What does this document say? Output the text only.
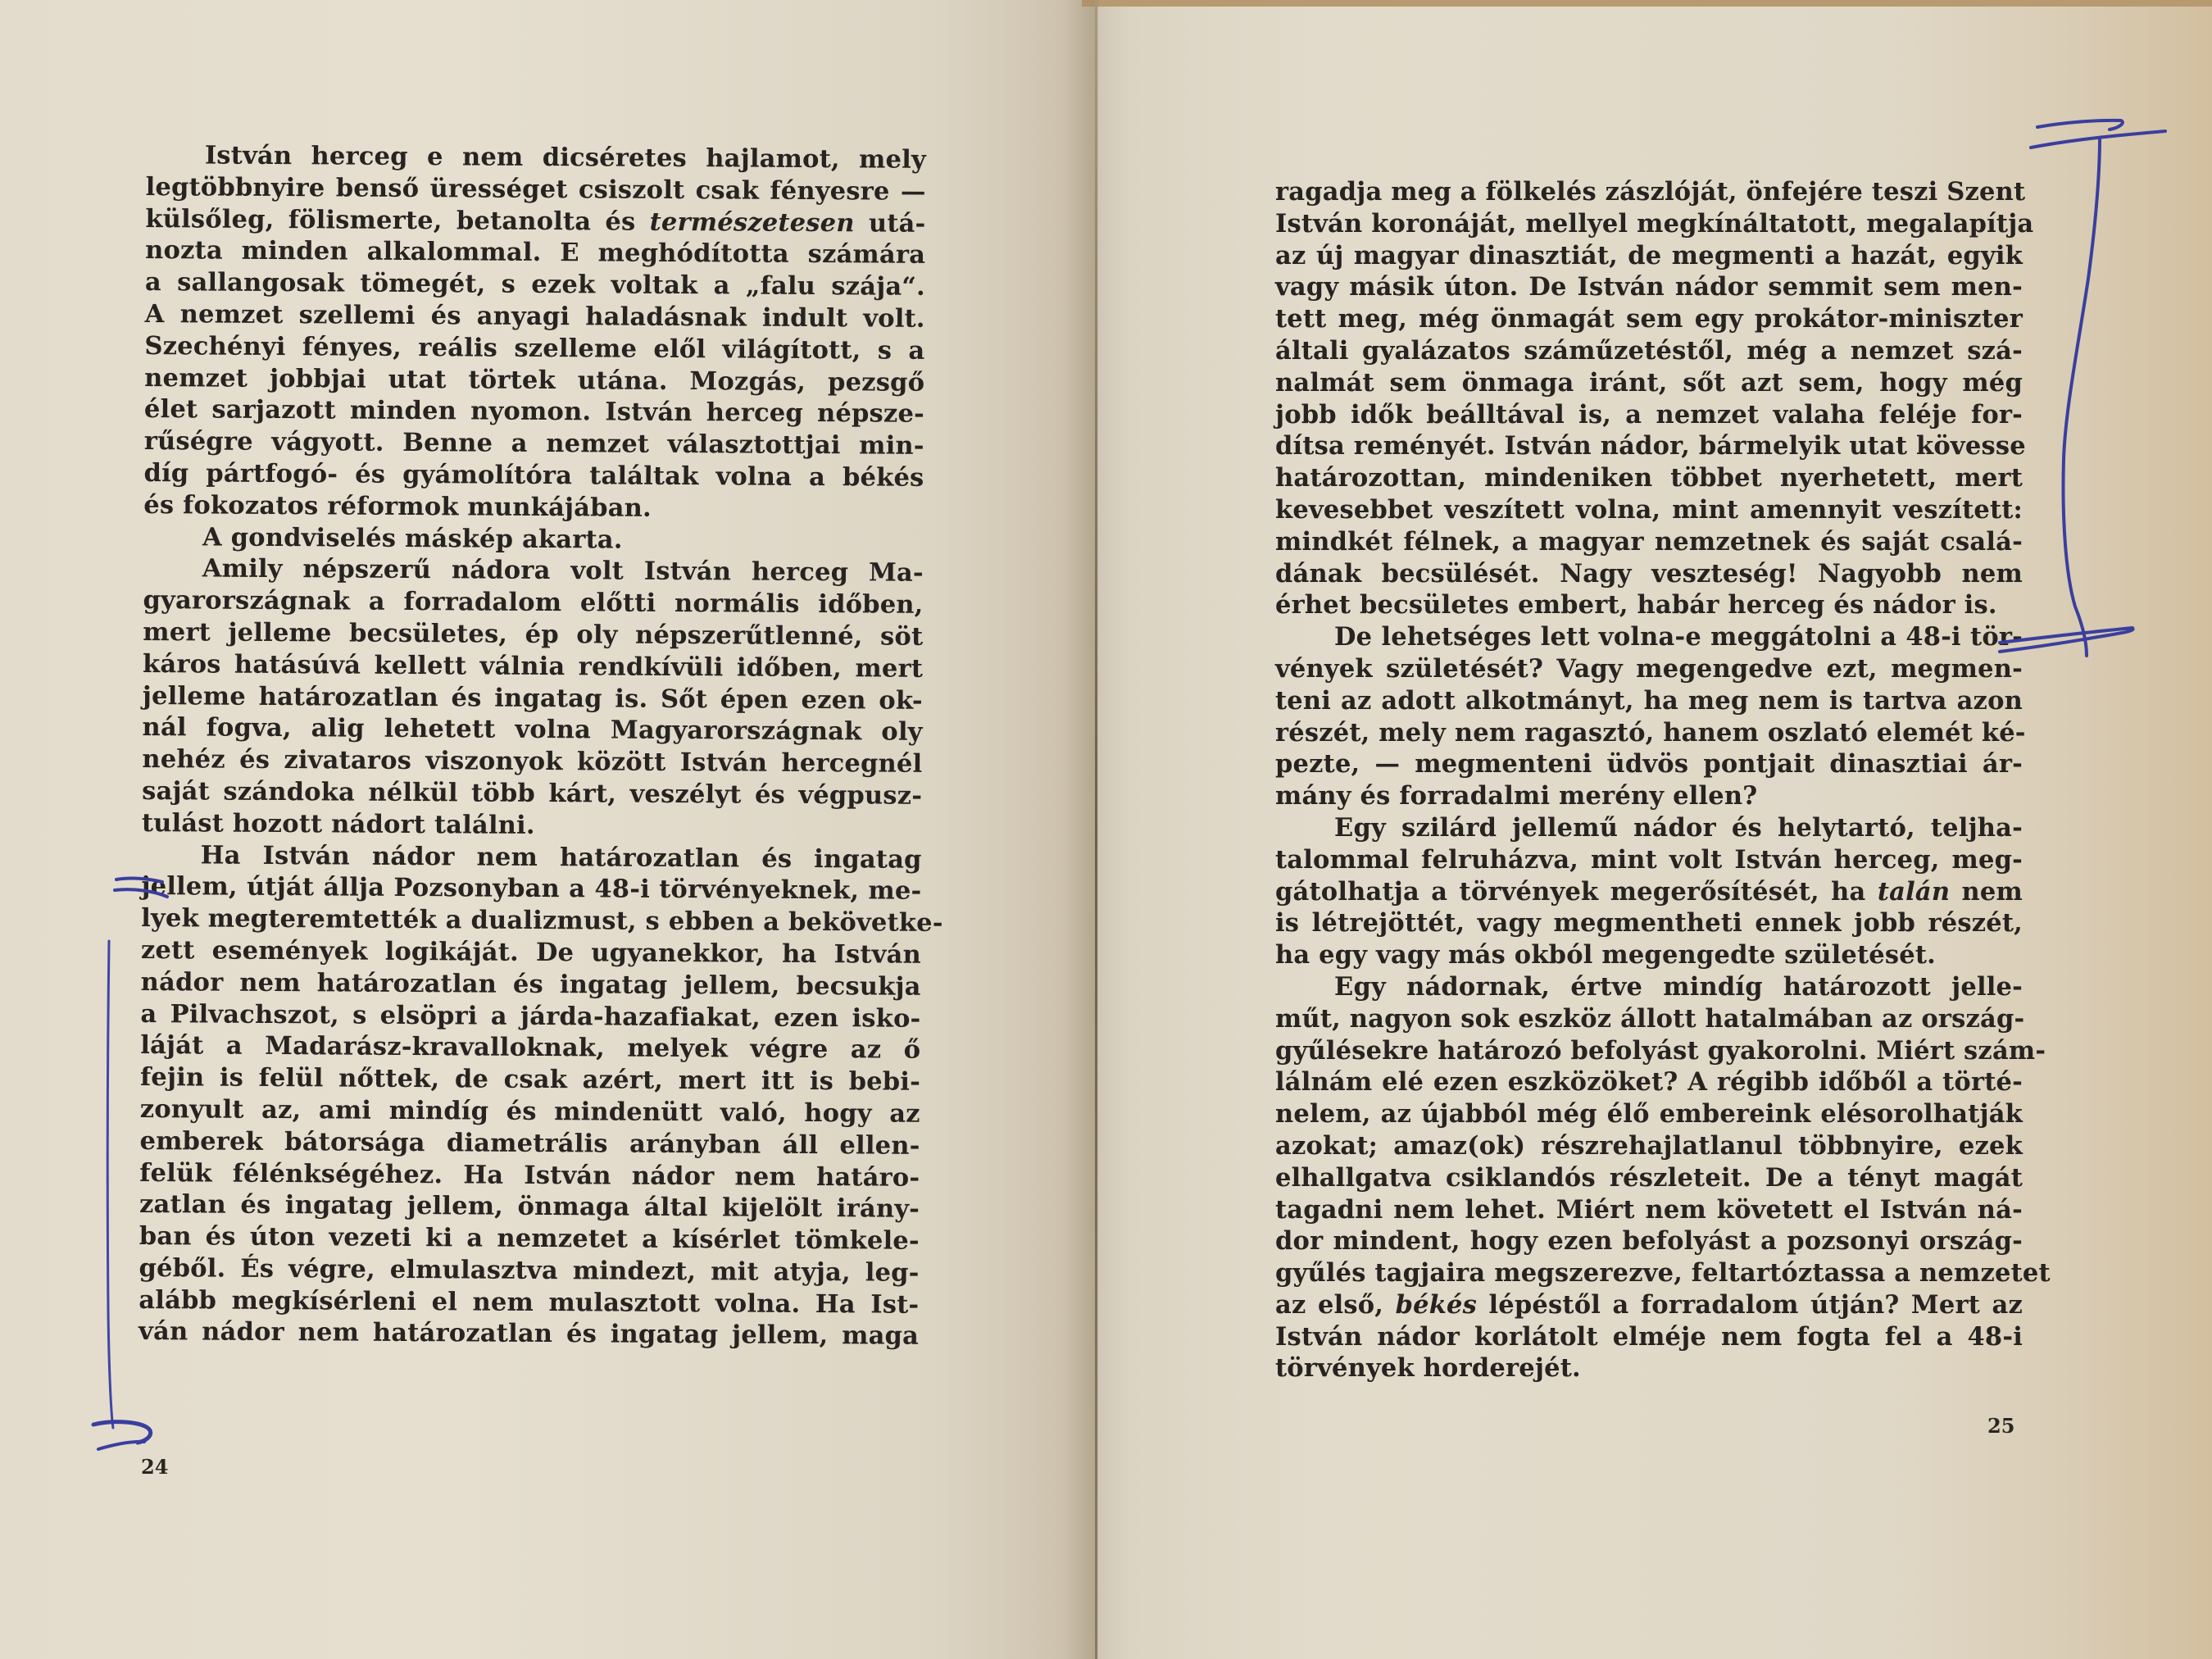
István herceg e nem dicséretes hajlamot, mely
legtöbbnyire benső ürességet csiszolt csak fényesre —
külsőleg, fölismerte, betanolta és természetesen utá-
nozta minden alkalommal. E meghódította számára
a sallangosak tömegét, s ezek voltak a „falu szája“.
A nemzet szellemi és anyagi haladásnak indult volt.
Szechényi fényes, reális szelleme elől világított, s a
nemzet jobbjai utat törtek utána. Mozgás, pezsgő
élet sarjazott minden nyomon. István herceg népsze-
rűségre vágyott. Benne a nemzet választottjai min-
díg pártfogó- és gyámolítóra találtak volna a békés
és fokozatos réformok munkájában.
A gondviselés máskép akarta.
Amily népszerű nádora volt István herceg Ma-
gyarországnak a forradalom előtti normális időben,
mert jelleme becsületes, ép oly népszerűtlenné, söt
káros hatásúvá kellett válnia rendkívüli időben, mert
jelleme határozatlan és ingatag is. Sőt épen ezen ok-
nál fogva, alig lehetett volna Magyarországnak oly
nehéz és zivataros viszonyok között István hercegnél
saját szándoka nélkül több kárt, veszélyt és végpusz-
tulást hozott nádort találni.
Ha István nádor nem határozatlan és ingatag
jellem, útját állja Pozsonyban a 48-i törvényeknek, me-
lyek megteremtették a dualizmust, s ebben a bekövetke-
zett események logikáját. De ugyanekkor, ha István
nádor nem határozatlan és ingatag jellem, becsukja
a Pilvachszot, s elsöpri a járda-hazafiakat, ezen isko-
láját a Madarász-kravalloknak, melyek végre az ő
fejin is felül nőttek, de csak azért, mert itt is bebi-
zonyult az, ami mindíg és mindenütt való, hogy az
emberek bátorsága diametrális arányban áll ellen-
felük félénkségéhez. Ha István nádor nem határo-
zatlan és ingatag jellem, önmaga által kijelölt irány-
ban és úton vezeti ki a nemzetet a kísérlet tömkele-
géből. És végre, elmulasztva mindezt, mit atyja, leg-
alább megkísérleni el nem mulasztott volna. Ha Ist-
ván nádor nem határozatlan és ingatag jellem, maga
ragadja meg a fölkelés zászlóját, önfejére teszi Szent
István koronáját, mellyel megkínáltatott, megalapítja
az új magyar dinasztiát, de megmenti a hazát, egyik
vagy másik úton. De István nádor semmit sem men-
tett meg, még önmagát sem egy prokátor-miniszter
általi gyalázatos száműzetéstől, még a nemzet szá-
nalmát sem önmaga iránt, sőt azt sem, hogy még
jobb idők beálltával is, a nemzet valaha feléje for-
dítsa reményét. István nádor, bármelyik utat kövesse
határozottan, mindeniken többet nyerhetett, mert
kevesebbet veszített volna, mint amennyit veszített:
mindkét félnek, a magyar nemzetnek és saját csalá-
dának becsülését. Nagy veszteség! Nagyobb nem
érhet becsületes embert, habár herceg és nádor is.
De lehetséges lett volna-e meggátolni a 48-i tör-
vények születését? Vagy megengedve ezt, megmen-
teni az adott alkotmányt, ha meg nem is tartva azon
részét, mely nem ragasztó, hanem oszlató elemét ké-
pezte, — megmenteni üdvös pontjait dinasztiai ár-
mány és forradalmi merény ellen?
Egy szilárd jellemű nádor és helytartó, teljha-
talommal felruházva, mint volt István herceg, meg-
gátolhatja a törvények megerősítését, ha talán nem
is létrejöttét, vagy megmentheti ennek jobb részét,
ha egy vagy más okból megengedte születését.
Egy nádornak, értve mindíg határozott jelle-
műt, nagyon sok eszköz állott hatalmában az ország-
gyűlésekre határozó befolyást gyakorolni. Miért szám-
lálnám elé ezen eszközöket? A régibb időből a törté-
nelem, az újabból még élő embereink elésorolhatják
azokat; amaz(ok) részrehajlatlanul többnyire, ezek
elhallgatva csiklandós részleteit. De a tényt magát
tagadni nem lehet. Miért nem követett el István ná-
dor mindent, hogy ezen befolyást a pozsonyi ország-
gyűlés tagjaira megszerezve, feltartóztassa a nemzetet
az első, békés lépéstől a forradalom útján? Mert az
István nádor korlátolt elméje nem fogta fel a 48-i
törvények horderejét.
24
25
